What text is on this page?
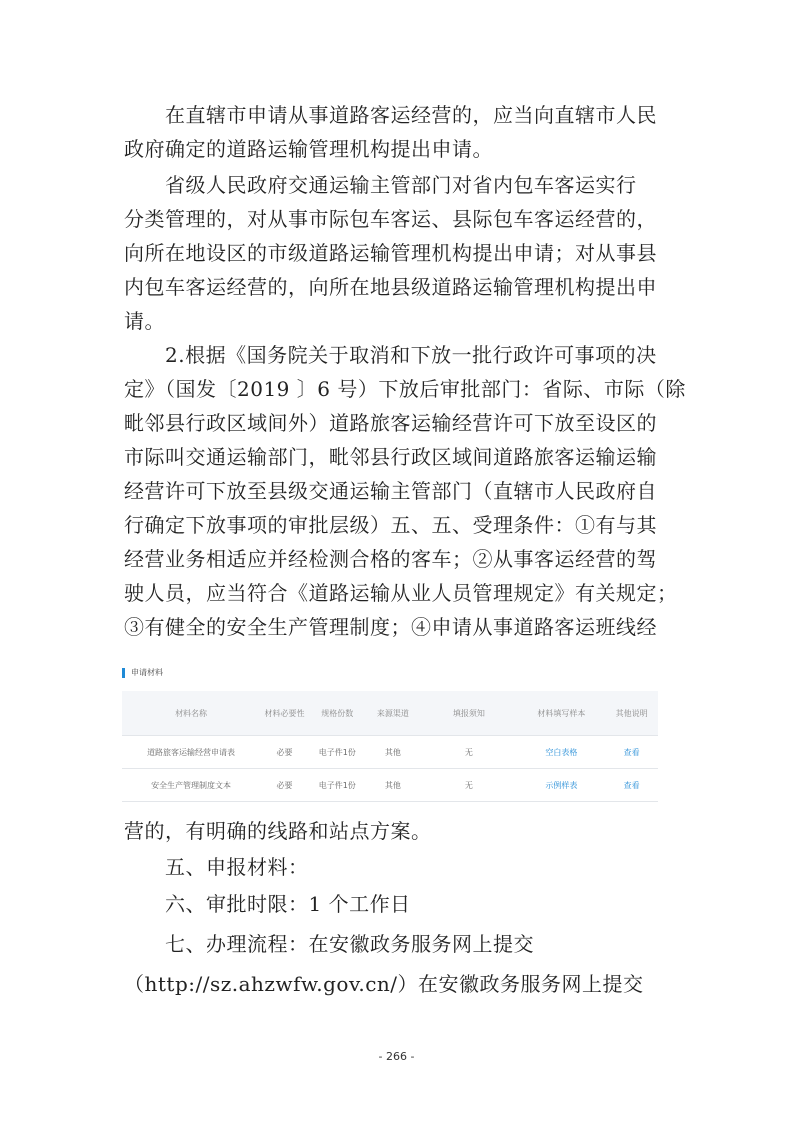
　　在直辖市申请从事道路客运经营的，应当向直辖市人民
政府确定的道路运输管理机构提出申请。
　　省级人民政府交通运输主管部门对省内包车客运实行
分类管理的，对从事市际包车客运、县际包车客运经营的，
向所在地设区的市级道路运输管理机构提出申请；对从事县
内包车客运经营的，向所在地县级道路运输管理机构提出申
请。
　　2.根据《国务院关于取消和下放一批行政许可事项的决
定》（国发〔2019 〕6 号）下放后审批部门：省际、市际（除
毗邻县行政区域间外）道路旅客运输经营许可下放至设区的
市际叫交通运输部门，毗邻县行政区域间道路旅客运输运输
经营许可下放至县级交通运输主管部门（直辖市人民政府自
行确定下放事项的审批层级）五、五、受理条件：①有与其
经营业务相适应并经检测合格的客车；②从事客运经营的驾
驶人员，应当符合《道路运输从业人员管理规定》有关规定；
③有健全的安全生产管理制度；④申请从事道路客运班线经
申请材料
材料名称	材料必要性	规格份数	来源渠道	填报须知	材料填写样本	其他说明
道路旅客运输经营申请表	必要	电子件1份	其他	无	空白表格	查看
安全生产管理制度文本	必要	电子件1份	其他	无	示例样表	查看
营的，有明确的线路和站点方案。
　　五、申报材料：
　　六、审批时限：1 个工作日
　　七、办理流程：在安徽政务服务网上提交
（http://sz.ahzwfw.gov.cn/）在安徽政务服务网上提交
- 266 -
